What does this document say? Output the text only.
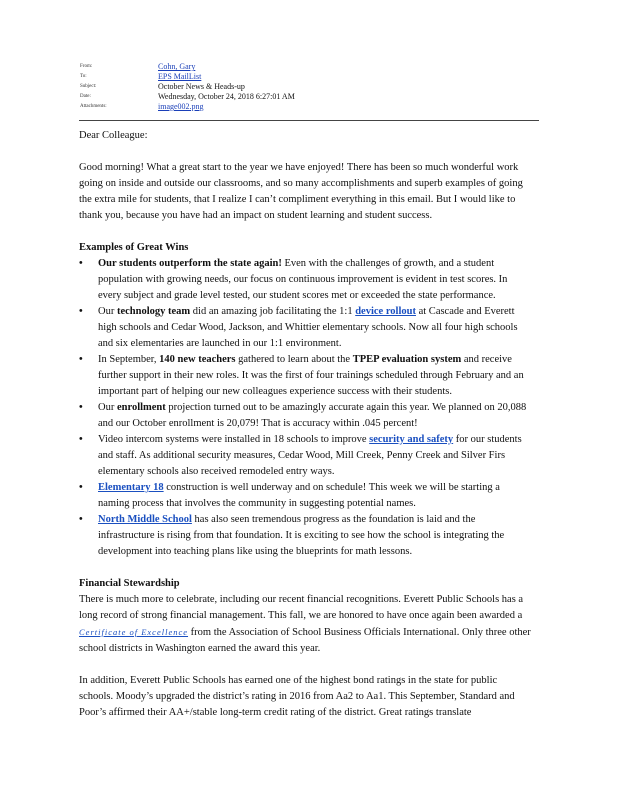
From:	Cohn, Gary
To:	EPS MailList
Subject:	October News & Heads-up
Date:	Wednesday, October 24, 2018 6:27:01 AM
Attachments:	image002.png

Dear Colleague:

Good morning! What a great start to the year we have enjoyed! There has been so much wonderful work going on inside and outside our classrooms, and so many accomplishments and superb examples of going the extra mile for students, that I realize I can’t compliment everything in this email. But I would like to thank you, because you have had an impact on student learning and student success.

Examples of Great Wins

• Our students outperform the state again! Even with the challenges of growth, and a student population with growing needs, our focus on continuous improvement is evident in test scores. In every subject and grade level tested, our student scores met or exceeded the state performance.
• Our technology team did an amazing job facilitating the 1:1 device rollout at Cascade and Everett high schools and Cedar Wood, Jackson, and Whittier elementary schools. Now all four high schools and six elementaries are launched in our 1:1 environment.
• In September, 140 new teachers gathered to learn about the TPEP evaluation system and receive further support in their new roles. It was the first of four trainings scheduled through February and an important part of helping our new colleagues experience success with their students.
• Our enrollment projection turned out to be amazingly accurate again this year. We planned on 20,088 and our October enrollment is 20,079! That is accuracy within .045 percent!
• Video intercom systems were installed in 18 schools to improve security and safety for our students and staff. As additional security measures, Cedar Wood, Mill Creek, Penny Creek and Silver Firs elementary schools also received remodeled entry ways.
• Elementary 18 construction is well underway and on schedule! This week we will be starting a naming process that involves the community in suggesting potential names.
• North Middle School has also seen tremendous progress as the foundation is laid and the infrastructure is rising from that foundation. It is exciting to see how the school is integrating the development into teaching plans like using the blueprints for math lessons.

Financial Stewardship

There is much more to celebrate, including our recent financial recognitions. Everett Public Schools has a long record of strong financial management. This fall, we are honored to have once again been awarded a Certificate of Excellence from the Association of School Business Officials International. Only three other school districts in Washington earned the award this year.

In addition, Everett Public Schools has earned one of the highest bond ratings in the state for public schools. Moody’s upgraded the district’s rating in 2016 from Aa2 to Aa1. This September, Standard and Poor’s affirmed their AA+/stable long-term credit rating of the district. Great ratings translate
